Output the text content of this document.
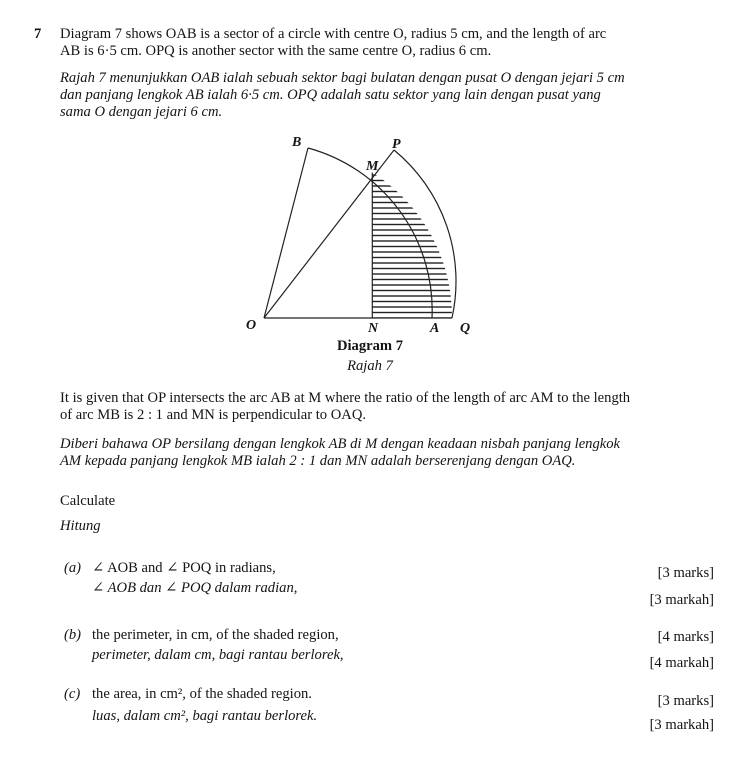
7 Diagram 7 shows OAB is a sector of a circle with centre O, radius 5 cm, and the length of arc
AB is 6·5 cm. OPQ is another sector with the same centre O, radius 6 cm.
Rajah 7 menunjukkan OAB ialah sebuah sektor bagi bulatan dengan pusat O dengan jejari 5 cm
dan panjang lengkok AB ialah 6·5 cm. OPQ adalah satu sektor yang lain dengan pusat yang
sama O dengan jejari 6 cm.
B	P
M
O	N	A Q
Diagram 7
Rajah 7
It is given that OP intersects the arc AB at M where the ratio of the length of arc AM to the length
of arc MB is 2 : 1 and MN is perpendicular to OAQ.
Diberi bahawa OP bersilang dengan lengkok AB di M dengan keadaan nisbah panjang lengkok
AM kepada panjang lengkok MB ialah 2 : 1 dan MN adalah berserenjang dengan OAQ.
Calculate
Hitung
(a) ∠ AOB and ∠ POQ in radians,	[3 marks]
∠ AOB dan ∠ POQ dalam radian,
[3 markah]
(b) the perimeter, in cm, of the shaded region,	[4 marks]
perimeter, dalam cm, bagi rantau berlorek,	[4 markah]
(c) the area, in cm², of the shaded region.	[3 marks]
luas, dalam cm², bagi rantau berlorek.
[3 markah]
